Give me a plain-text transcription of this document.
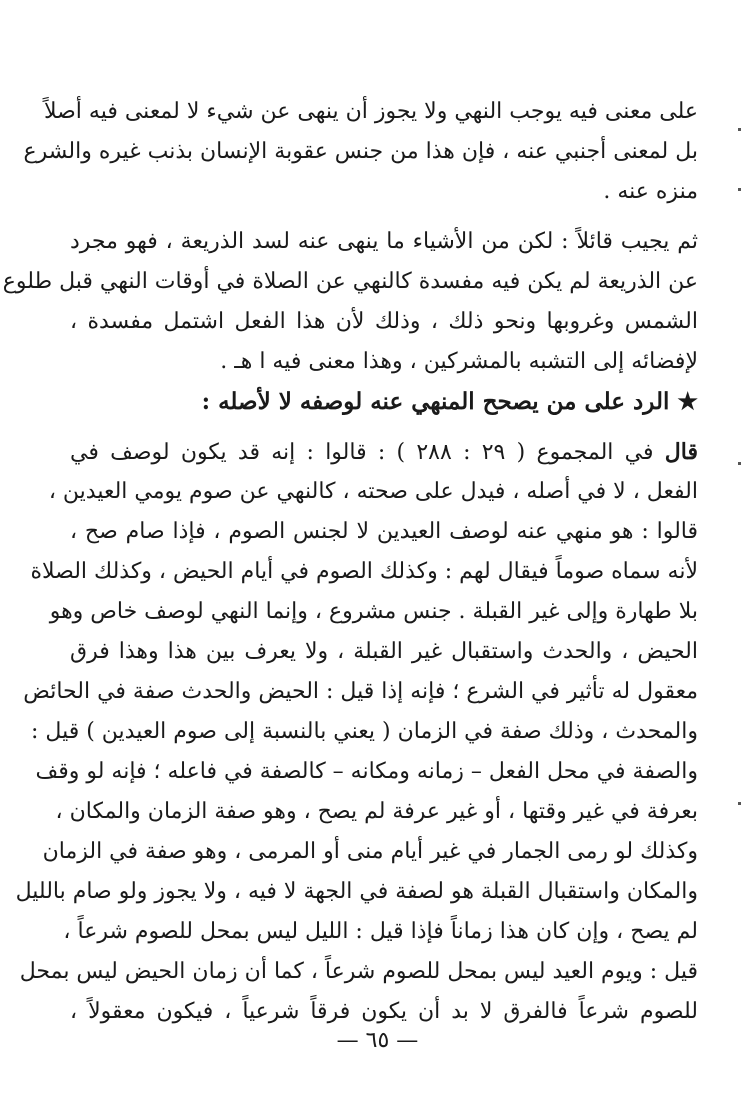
على معنى فيه يوجب النهي ولا يجوز أن ينهى عن شيء لا لمعنى فيه أصلاً
بل لمعنى أجنبي عنه ، فإن هذا من جنس عقوبة الإنسان بذنب غيره والشرع
منزه عنه .
ثم يجيب قائلاً : لكن من الأشياء ما ينهى عنه لسد الذريعة ، فهو مجرد
عن الذريعة لم يكن فيه مفسدة كالنهي عن الصلاة في أوقات النهي قبل طلوع
الشمس وغروبها ونحو ذلك ، وذلك لأن هذا الفعل اشتمل مفسدة ،
لإفضائه إلى التشبه بالمشركين ، وهذا معنى فيه ا هـ .
★ الرد على من يصحح المنهي عنه لوصفه لا لأصله :
قال في المجموع ( ٢٩ : ٢٨٨ ) : قالوا : إنه قد يكون لوصف في
الفعل ، لا في أصله ، فيدل على صحته ، كالنهي عن صوم يومي العيدين ،
قالوا : هو منهي عنه لوصف العيدين لا لجنس الصوم ، فإذا صام صح ،
لأنه سماه صوماً فيقال لهم : وكذلك الصوم في أيام الحيض ، وكذلك الصلاة
بلا طهارة وإلى غير القبلة . جنس مشروع ، وإنما النهي لوصف خاص وهو
الحيض ، والحدث واستقبال غير القبلة ، ولا يعرف بين هذا وهذا فرق
معقول له تأثير في الشرع ؛ فإنه إذا قيل : الحيض والحدث صفة في الحائض
والمحدث ، وذلك صفة في الزمان ( يعني بالنسبة إلى صوم العيدين ) قيل :
والصفة في محل الفعل – زمانه ومكانه – كالصفة في فاعله ؛ فإنه لو وقف
بعرفة في غير وقتها ، أو غير عرفة لم يصح ، وهو صفة الزمان والمكان ،
وكذلك لو رمى الجمار في غير أيام منى أو المرمى ، وهو صفة في الزمان
والمكان واستقبال القبلة هو لصفة في الجهة لا فيه ، ولا يجوز ولو صام بالليل
لم يصح ، وإن كان هذا زماناً فإذا قيل : الليل ليس بمحل للصوم شرعاً ،
قيل : ويوم العيد ليس بمحل للصوم شرعاً ، كما أن زمان الحيض ليس بمحل
للصوم شرعاً فالفرق لا بد أن يكون فرقاً شرعياً ، فيكون معقولاً ،
— ٦٥ —
